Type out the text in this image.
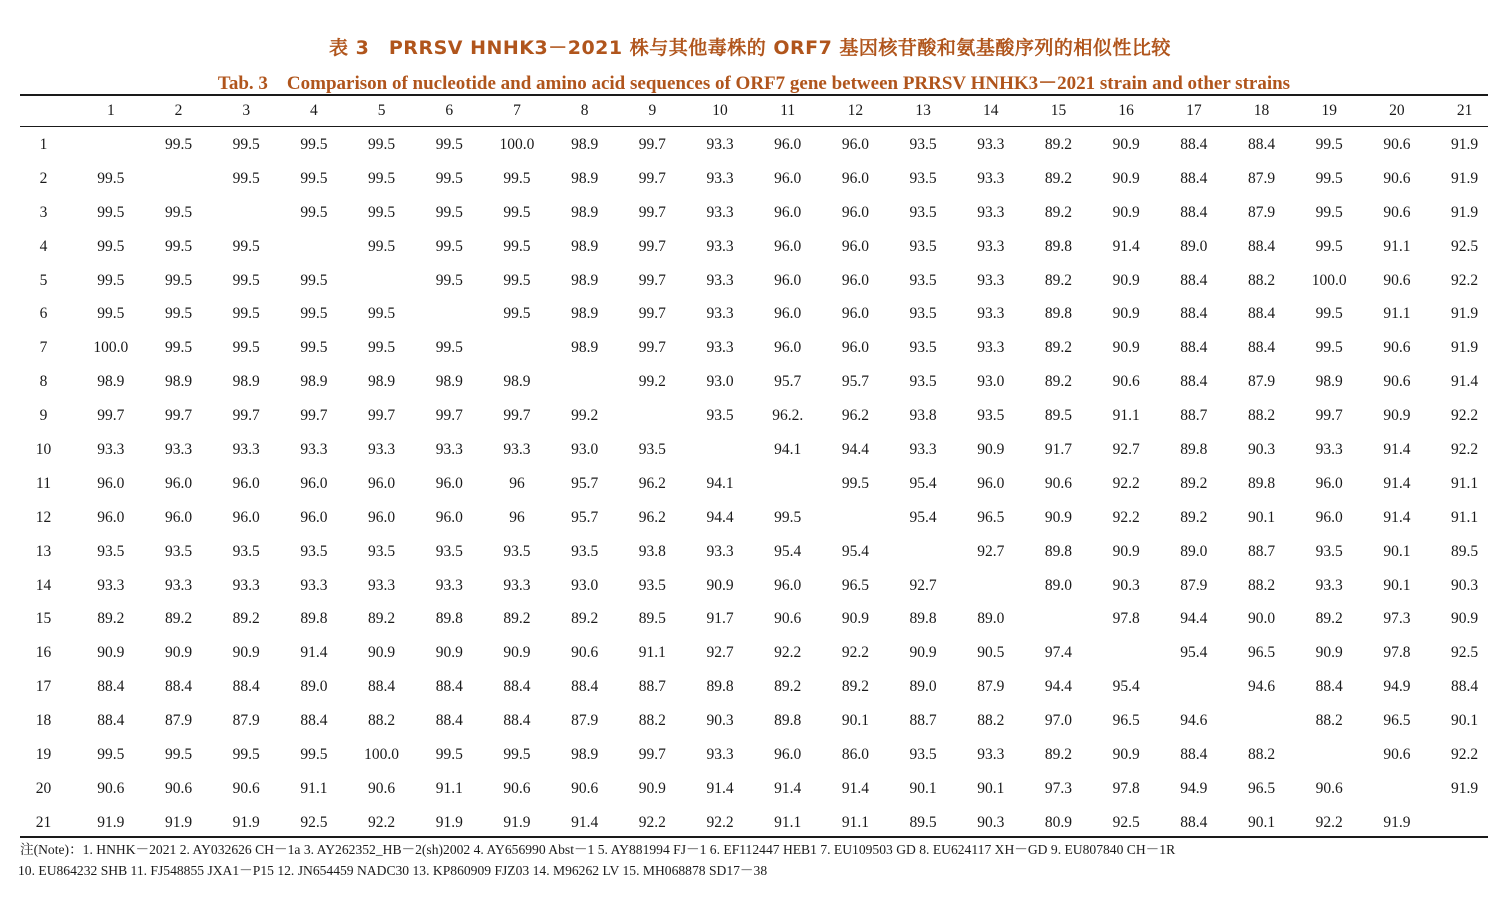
表 3　PRRSV HNHK3－2021 株与其他毒株的 ORF7 基因核苷酸和氨基酸序列的相似性比较
Tab. 3　Comparison of nucleotide and amino acid sequences of ORF7 gene between PRRSV HNHK3－2021 strain and other strains
	1	2	3	4	5	6	7	8	9	10	11	12	13	14	15	16	17	18	19	20	21
1		99.5	99.5	99.5	99.5	99.5	100.0	98.9	99.7	93.3	96.0	96.0	93.5	93.3	89.2	90.9	88.4	88.4	99.5	90.6	91.9
2	99.5		99.5	99.5	99.5	99.5	99.5	98.9	99.7	93.3	96.0	96.0	93.5	93.3	89.2	90.9	88.4	87.9	99.5	90.6	91.9
3	99.5	99.5		99.5	99.5	99.5	99.5	98.9	99.7	93.3	96.0	96.0	93.5	93.3	89.2	90.9	88.4	87.9	99.5	90.6	91.9
4	99.5	99.5	99.5		99.5	99.5	99.5	98.9	99.7	93.3	96.0	96.0	93.5	93.3	89.8	91.4	89.0	88.4	99.5	91.1	92.5
5	99.5	99.5	99.5	99.5		99.5	99.5	98.9	99.7	93.3	96.0	96.0	93.5	93.3	89.2	90.9	88.4	88.2	100.0	90.6	92.2
6	99.5	99.5	99.5	99.5	99.5		99.5	98.9	99.7	93.3	96.0	96.0	93.5	93.3	89.8	90.9	88.4	88.4	99.5	91.1	91.9
7	100.0	99.5	99.5	99.5	99.5	99.5		98.9	99.7	93.3	96.0	96.0	93.5	93.3	89.2	90.9	88.4	88.4	99.5	90.6	91.9
8	98.9	98.9	98.9	98.9	98.9	98.9	98.9		99.2	93.0	95.7	95.7	93.5	93.0	89.2	90.6	88.4	87.9	98.9	90.6	91.4
9	99.7	99.7	99.7	99.7	99.7	99.7	99.7	99.2		93.5	96.2.	96.2	93.8	93.5	89.5	91.1	88.7	88.2	99.7	90.9	92.2
10	93.3	93.3	93.3	93.3	93.3	93.3	93.3	93.0	93.5		94.1	94.4	93.3	90.9	91.7	92.7	89.8	90.3	93.3	91.4	92.2
11	96.0	96.0	96.0	96.0	96.0	96.0	96	95.7	96.2	94.1		99.5	95.4	96.0	90.6	92.2	89.2	89.8	96.0	91.4	91.1
12	96.0	96.0	96.0	96.0	96.0	96.0	96	95.7	96.2	94.4	99.5		95.4	96.5	90.9	92.2	89.2	90.1	96.0	91.4	91.1
13	93.5	93.5	93.5	93.5	93.5	93.5	93.5	93.5	93.8	93.3	95.4	95.4		92.7	89.8	90.9	89.0	88.7	93.5	90.1	89.5
14	93.3	93.3	93.3	93.3	93.3	93.3	93.3	93.0	93.5	90.9	96.0	96.5	92.7		89.0	90.3	87.9	88.2	93.3	90.1	90.3
15	89.2	89.2	89.2	89.8	89.2	89.8	89.2	89.2	89.5	91.7	90.6	90.9	89.8	89.0		97.8	94.4	90.0	89.2	97.3	90.9
16	90.9	90.9	90.9	91.4	90.9	90.9	90.9	90.6	91.1	92.7	92.2	92.2	90.9	90.5	97.4		95.4	96.5	90.9	97.8	92.5
17	88.4	88.4	88.4	89.0	88.4	88.4	88.4	88.4	88.7	89.8	89.2	89.2	89.0	87.9	94.4	95.4		94.6	88.4	94.9	88.4
18	88.4	87.9	87.9	88.4	88.2	88.4	88.4	87.9	88.2	90.3	89.8	90.1	88.7	88.2	97.0	96.5	94.6		88.2	96.5	90.1
19	99.5	99.5	99.5	99.5	100.0	99.5	99.5	98.9	99.7	93.3	96.0	86.0	93.5	93.3	89.2	90.9	88.4	88.2		90.6	92.2
20	90.6	90.6	90.6	91.1	90.6	91.1	90.6	90.6	90.9	91.4	91.4	91.4	90.1	90.1	97.3	97.8	94.9	96.5	90.6		91.9
21	91.9	91.9	91.9	92.5	92.2	91.9	91.9	91.4	92.2	92.2	91.1	91.1	89.5	90.3	80.9	92.5	88.4	90.1	92.2	91.9	
注(Note)：1. HNHK－2021 2. AY032626 CH－1a 3. AY262352_HB－2(sh)2002 4. AY656990 Abst－1 5. AY881994 FJ－1 6. EF112447 HEB1 7. EU109503 GD 8. EU624117 XH－GD 9. EU807840 CH－1R
10. EU864232 SHB 11. FJ548855 JXA1－P15 12. JN654459 NADC30 13. KP860909 FJZ03 14. M96262 LV 15. MH068878 SD17－38
